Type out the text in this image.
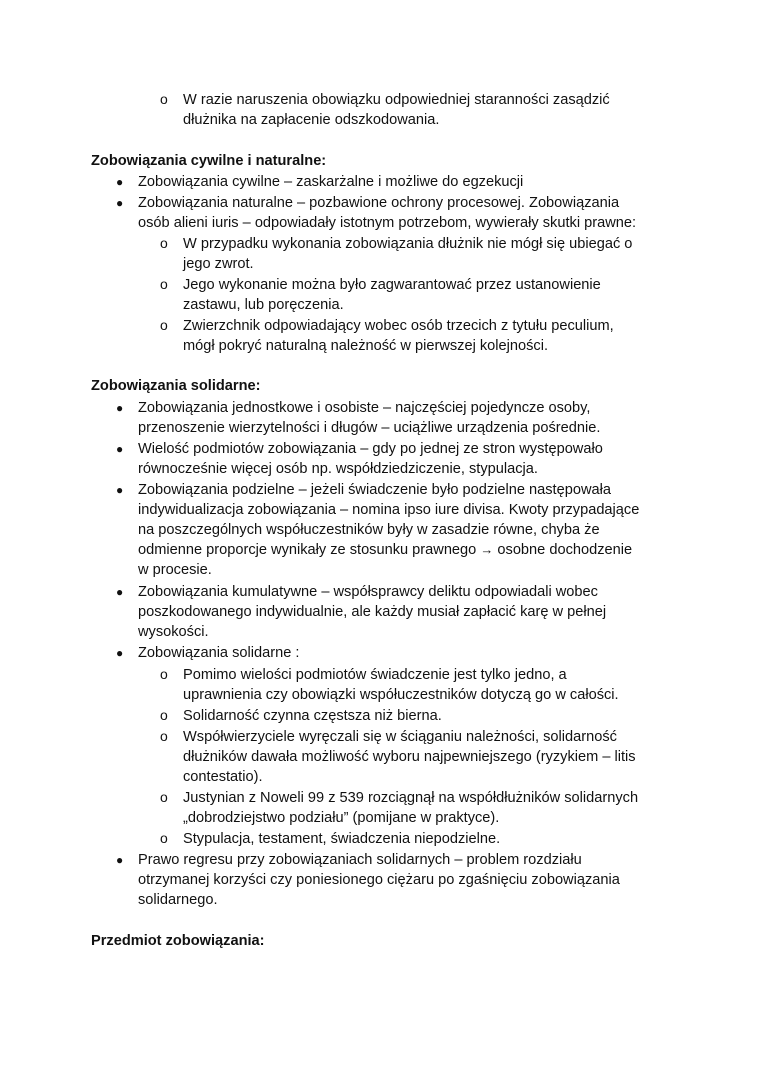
o W razie naruszenia obowiązku odpowiedniej staranności zasądzić
dłużnika na zapłacenie odszkodowania.
Zobowiązania cywilne i naturalne:
● Zobowiązania cywilne – zaskarżalne i możliwe do egzekucji
● Zobowiązania naturalne – pozbawione ochrony procesowej. Zobowiązania
osób alieni iuris – odpowiadały istotnym potrzebom, wywierały skutki prawne:
o W przypadku wykonania zobowiązania dłużnik nie mógł się ubiegać o
jego zwrot.
o Jego wykonanie można było zagwarantować przez ustanowienie
zastawu, lub poręczenia.
o Zwierzchnik odpowiadający wobec osób trzecich z tytułu peculium,
mógł pokryć naturalną należność w pierwszej kolejności.
Zobowiązania solidarne:
● Zobowiązania jednostkowe i osobiste – najczęściej pojedyncze osoby,
przenoszenie wierzytelności i długów – uciążliwe urządzenia pośrednie.
● Wielość podmiotów zobowiązania – gdy po jednej ze stron występowało
równocześnie więcej osób np. współdziedziczenie, stypulacja.
● Zobowiązania podzielne – jeżeli świadczenie było podzielne następowała
indywidualizacja zobowiązania – nomina ipso iure divisa. Kwoty przypadające
na poszczególnych współuczestników były w zasadzie równe, chyba że
odmienne proporcje wynikały ze stosunku prawnego → osobne dochodzenie
w procesie.
● Zobowiązania kumulatywne – współsprawcy deliktu odpowiadali wobec
poszkodowanego indywidualnie, ale każdy musiał zapłacić karę w pełnej
wysokości.
● Zobowiązania solidarne :
o Pomimo wielości podmiotów świadczenie jest tylko jedno, a
uprawnienia czy obowiązki współuczestników dotyczą go w całości.
o Solidarność czynna częstsza niż bierna.
o Współwierzyciele wyręczali się w ściąganiu należności, solidarność
dłużników dawała możliwość wyboru najpewniejszego (ryzykiem – litis
contestatio).
o Justynian z Noweli 99 z 539 rozciągnął na współdłużników solidarnych
„dobrodziejstwo podziału” (pomijane w praktyce).
o Stypulacja, testament, świadczenia niepodzielne.
● Prawo regresu przy zobowiązaniach solidarnych – problem rozdziału
otrzymanej korzyści czy poniesionego ciężaru po zgaśnięciu zobowiązania
solidarnego.
Przedmiot zobowiązania:
